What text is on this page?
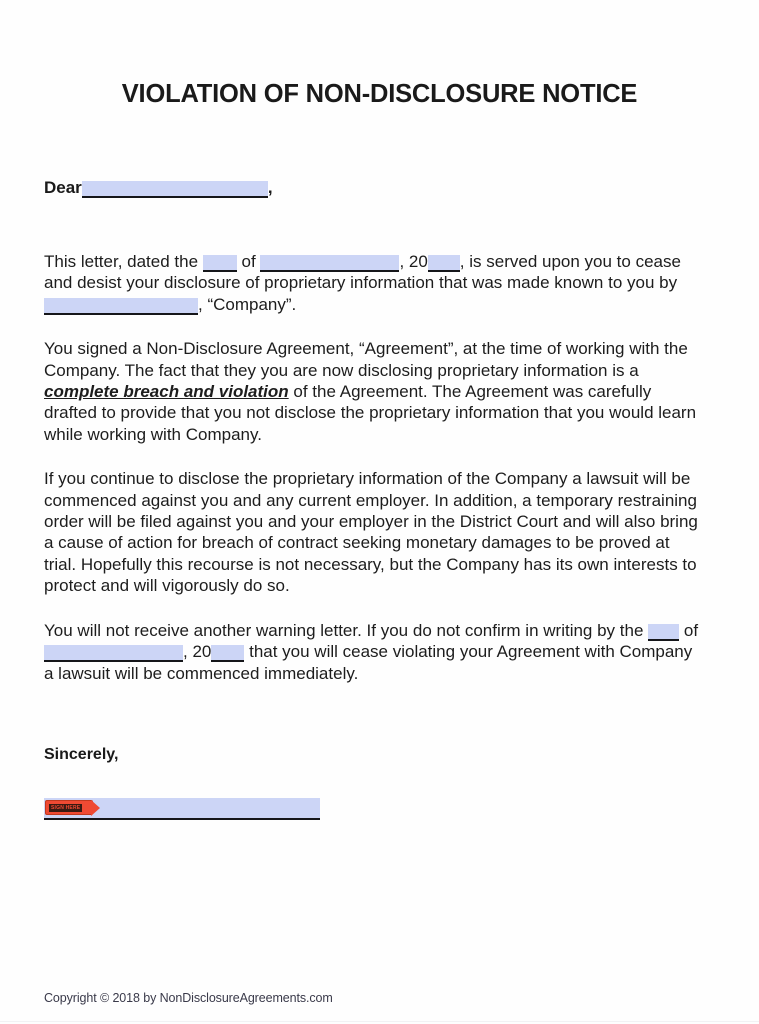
VIOLATION OF NON-DISCLOSURE NOTICE
Dear	,

This letter, dated the	of	, 20 , is served upon you to cease and desist your disclosure of proprietary information that was made known to you by , “Company”.

You signed a Non-Disclosure Agreement, “Agreement”, at the time of working with the Company. The fact that they you are now disclosing proprietary information is a complete breach and violation of the Agreement. The Agreement was carefully drafted to provide that you not disclose the proprietary information that you would learn while working with Company.

If you continue to disclose the proprietary information of the Company a lawsuit will be commenced against you and any current employer. In addition, a temporary restraining order will be filed against you and your employer in the District Court and will also bring a cause of action for breach of contract seeking monetary damages to be proved at trial. Hopefully this recourse is not necessary, but the Company has its own interests to protect and will vigorously do so.

You will not receive another warning letter. If you do not confirm in writing by the of , 20 that you will cease violating your Agreement with Company a lawsuit will be commenced immediately.

Sincerely,
SIGN HERE
Copyright © 2018 by NonDisclosureAgreements.com
